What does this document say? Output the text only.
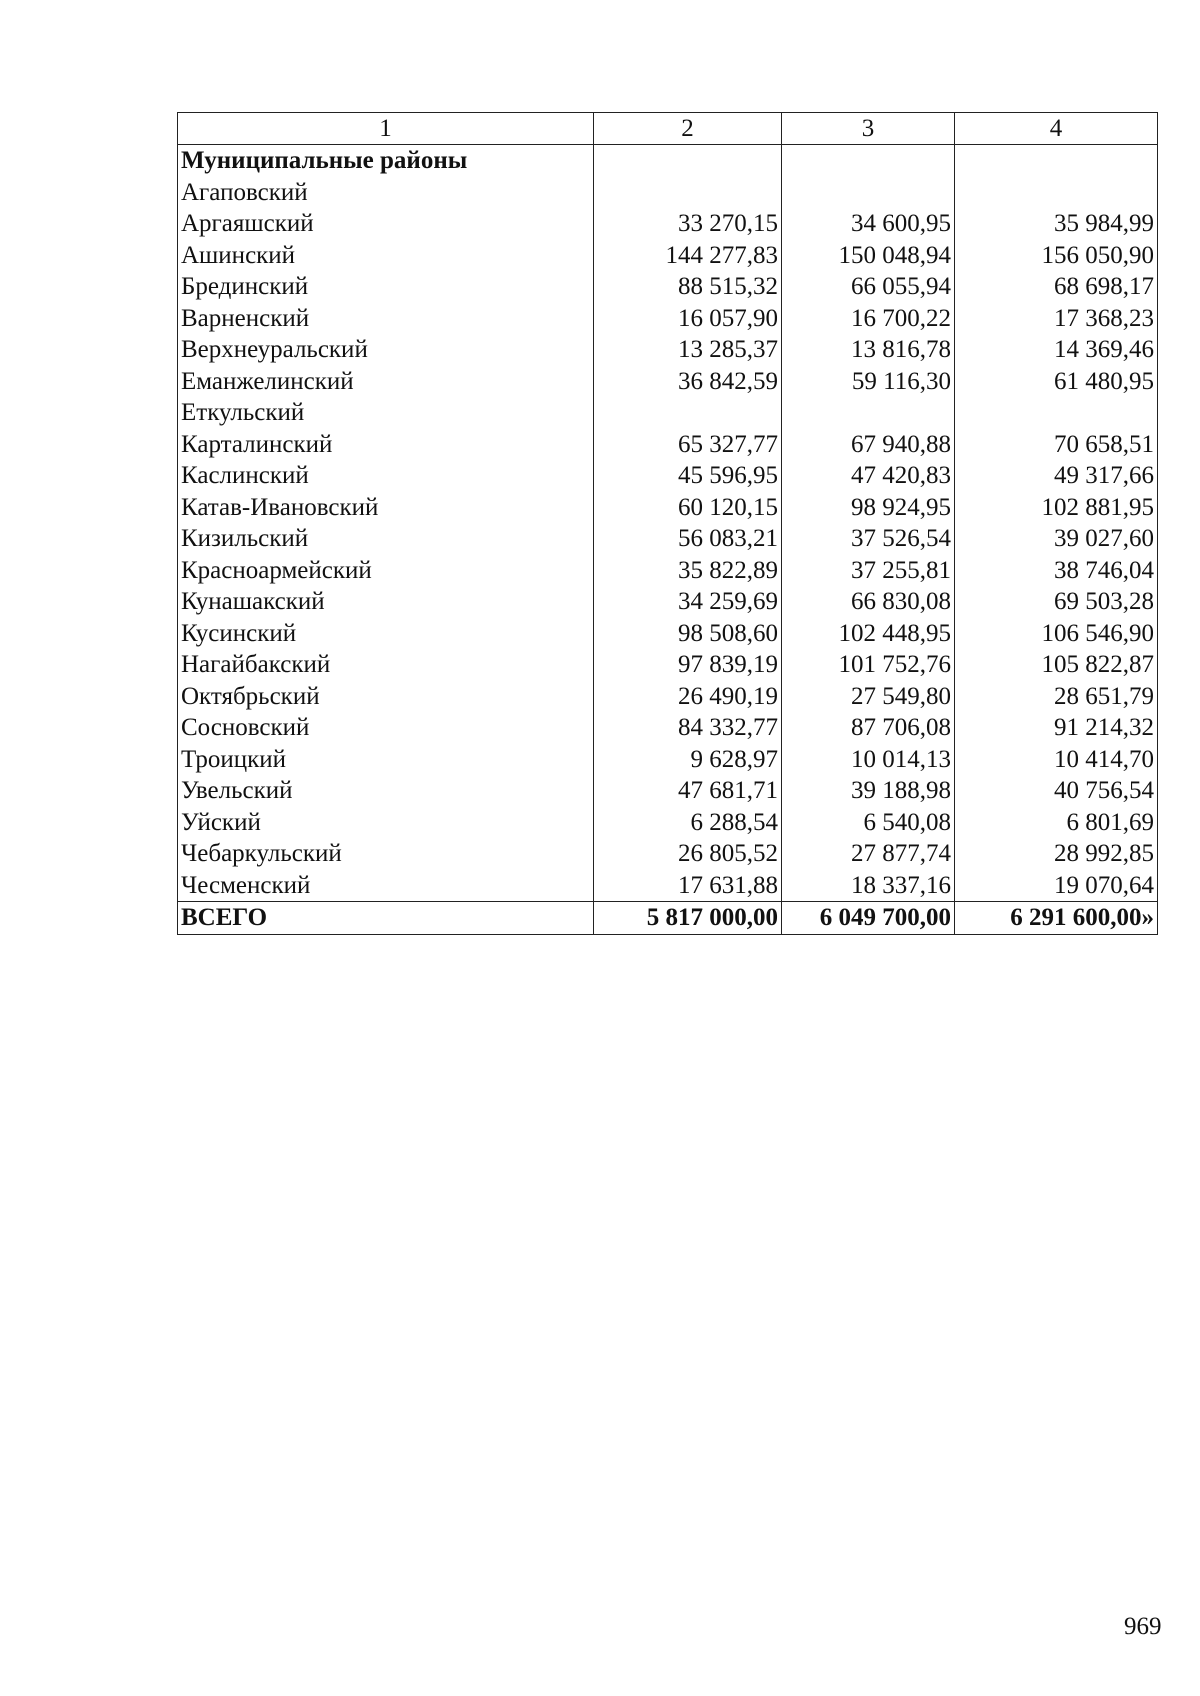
1	2	3	4
Муниципальные районы			
Агаповский			
Аргаяшский	33 270,15	34 600,95	35 984,99
Ашинский	144 277,83	150 048,94	156 050,90
Брединский	88 515,32	66 055,94	68 698,17
Варненский	16 057,90	16 700,22	17 368,23
Верхнеуральский	13 285,37	13 816,78	14 369,46
Еманжелинский	36 842,59	59 116,30	61 480,95
Еткульский			
Карталинский	65 327,77	67 940,88	70 658,51
Каслинский	45 596,95	47 420,83	49 317,66
Катав-Ивановский	60 120,15	98 924,95	102 881,95
Кизильский	56 083,21	37 526,54	39 027,60
Красноармейский	35 822,89	37 255,81	38 746,04
Кунашакский	34 259,69	66 830,08	69 503,28
Кусинский	98 508,60	102 448,95	106 546,90
Нагайбакский	97 839,19	101 752,76	105 822,87
Октябрьский	26 490,19	27 549,80	28 651,79
Сосновский	84 332,77	87 706,08	91 214,32
Троицкий	9 628,97	10 014,13	10 414,70
Увельский	47 681,71	39 188,98	40 756,54
Уйский	6 288,54	6 540,08	6 801,69
Чебаркульский	26 805,52	27 877,74	28 992,85
Чесменский	17 631,88	18 337,16	19 070,64
ВСЕГО	5 817 000,00	6 049 700,00	6 291 600,00»
969
